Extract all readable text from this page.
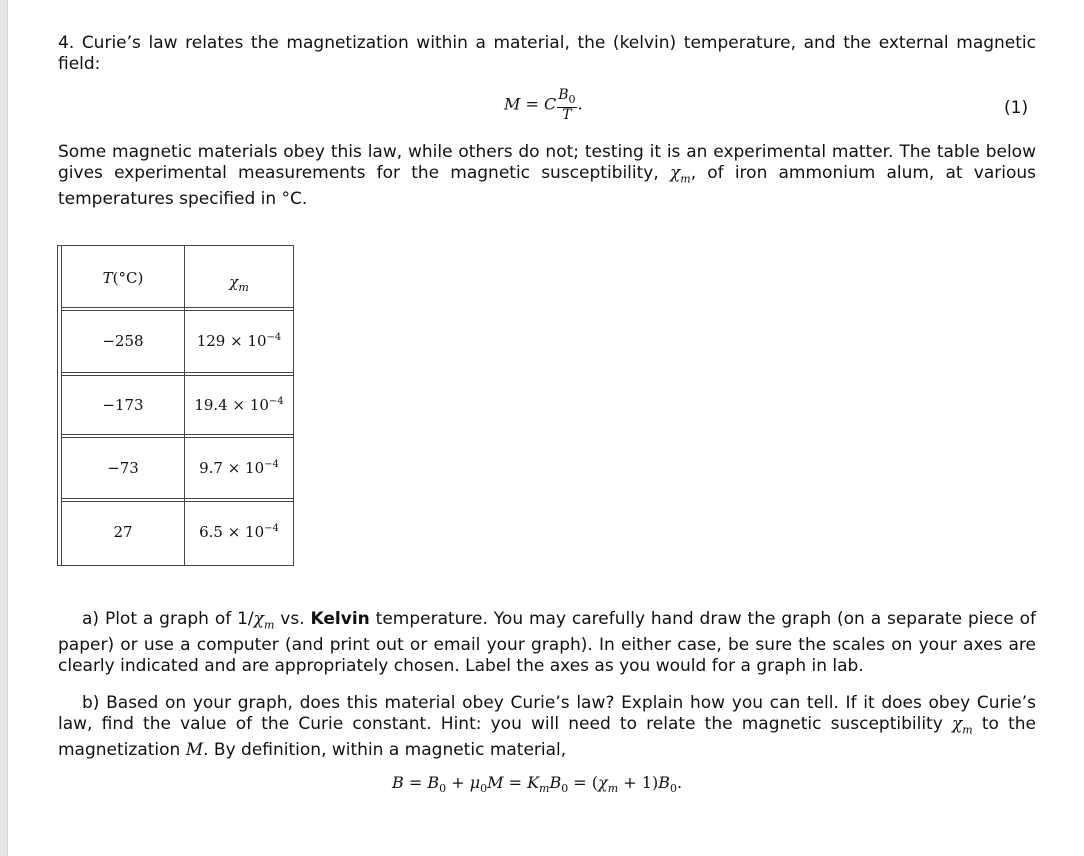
4. Curie’s law relates the magnetization within a material, the (kelvin) temperature, and the external magnetic field:
M = C $\frac{B_0}{T}$ .	(1)
Some magnetic materials obey this law, while others do not; testing it is an experimental matter. The table below gives experimental measurements for the magnetic susceptibility, $\chi_m$, of iron ammonium alum, at various temperatures specified in °C.
T(°C)	$\chi_m$
−258	$129 \times 10^{-4}$
−173	$19.4 \times 10^{-4}$
−73	$9.7 \times 10^{-4}$
27	$6.5 \times 10^{-4}$
a) Plot a graph of $1/\chi_m$ vs. Kelvin temperature. You may carefully hand draw the graph (on a separate piece of paper) or use a computer (and print out or email your graph). In either case, be sure the scales on your axes are clearly indicated and are appropriately chosen. Label the axes as you would for a graph in lab.
b) Based on your graph, does this material obey Curie’s law? Explain how you can tell. If it does obey Curie’s law, find the value of the Curie constant. Hint: you will need to relate the magnetic susceptibility $\chi_m$ to the magnetization M. By definition, within a magnetic material,
$B = B_0 + \mu_0M = K_mB_0 = (\chi_m + 1)B_0$.
